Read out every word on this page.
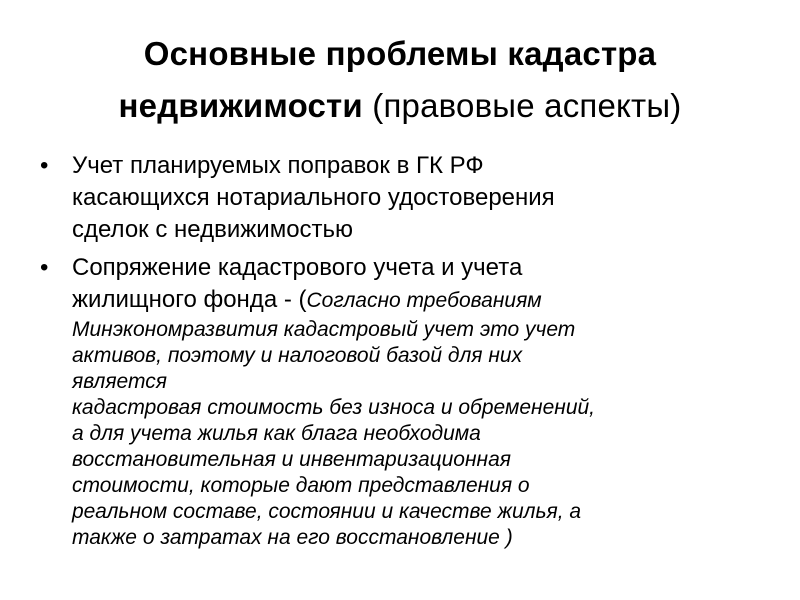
Основные проблемы кадастра
недвижимости (правовые аспекты)
• Учет планируемых поправок в ГК РФ
касающихся нотариального удостоверения
сделок с недвижимостью
• Сопряжение кадастрового учета и учета
жилищного фонда - (Согласно требованиям
Минэкономразвития кадастровый учет это учет
активов, поэтому и налоговой базой для них
является
кадастровая стоимость без износа и обременений,
а для учета жилья как блага необходима
восстановительная и инвентаризационная
стоимости, которые дают представления о
реальном составе, состоянии и качестве жилья, а
также о затратах на его восстановление )
